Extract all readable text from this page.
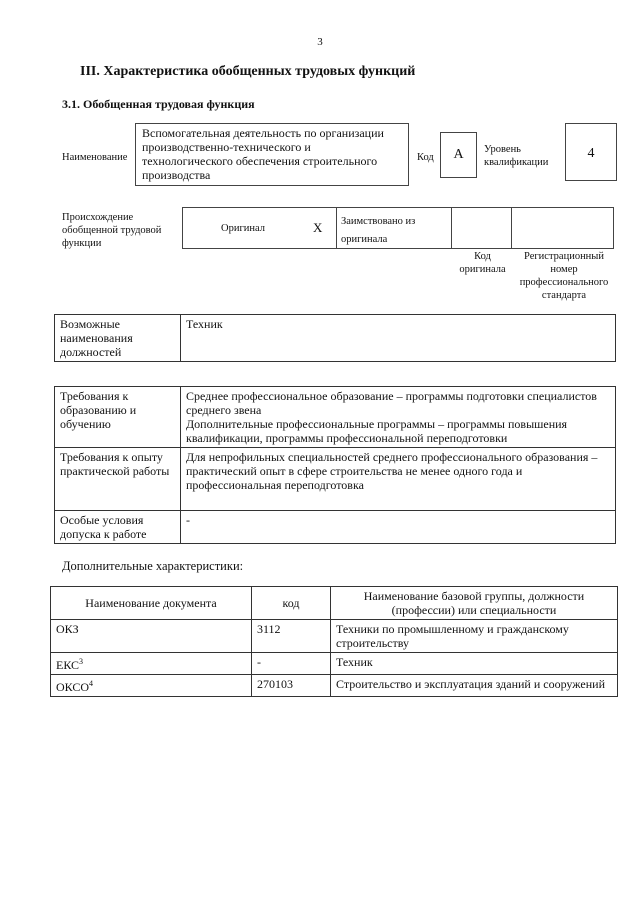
3
III. Характеристика обобщенных трудовых функций
3.1. Обобщенная трудовая функция
Наименование
Вспомогательная деятельность по организации производственно-технического и технологического обеспечения строительного производства
Код	А	Уровень квалификации
4
Происхождение обобщенной трудовой функции
Оригинал	X	Заимствовано из оригинала
Код оригинала
Регистрационный номер профессионального стандарта
Возможные наименования должностей	Техник
Требования к образованию и обучению	Среднее профессиональное образование – программы подготовки специалистов среднего звена
Дополнительные профессиональные программы – программы повышения квалификации, программы профессиональной переподготовки
Требования к опыту практической работы	Для непрофильных специальностей среднего профессионального образования – практический опыт в сфере строительства не менее одного года и профессиональная переподготовка
Особые условия допуска к работе	-
Дополнительные характеристики:
Наименование документа	код	Наименование базовой группы, должности (профессии) или специальности
ОКЗ	3112	Техники по промышленному и гражданскому строительству
ЕКС$^3$	-	Техник
ОКСО$^4$	270103	Строительство и эксплуатация зданий и сооружений
